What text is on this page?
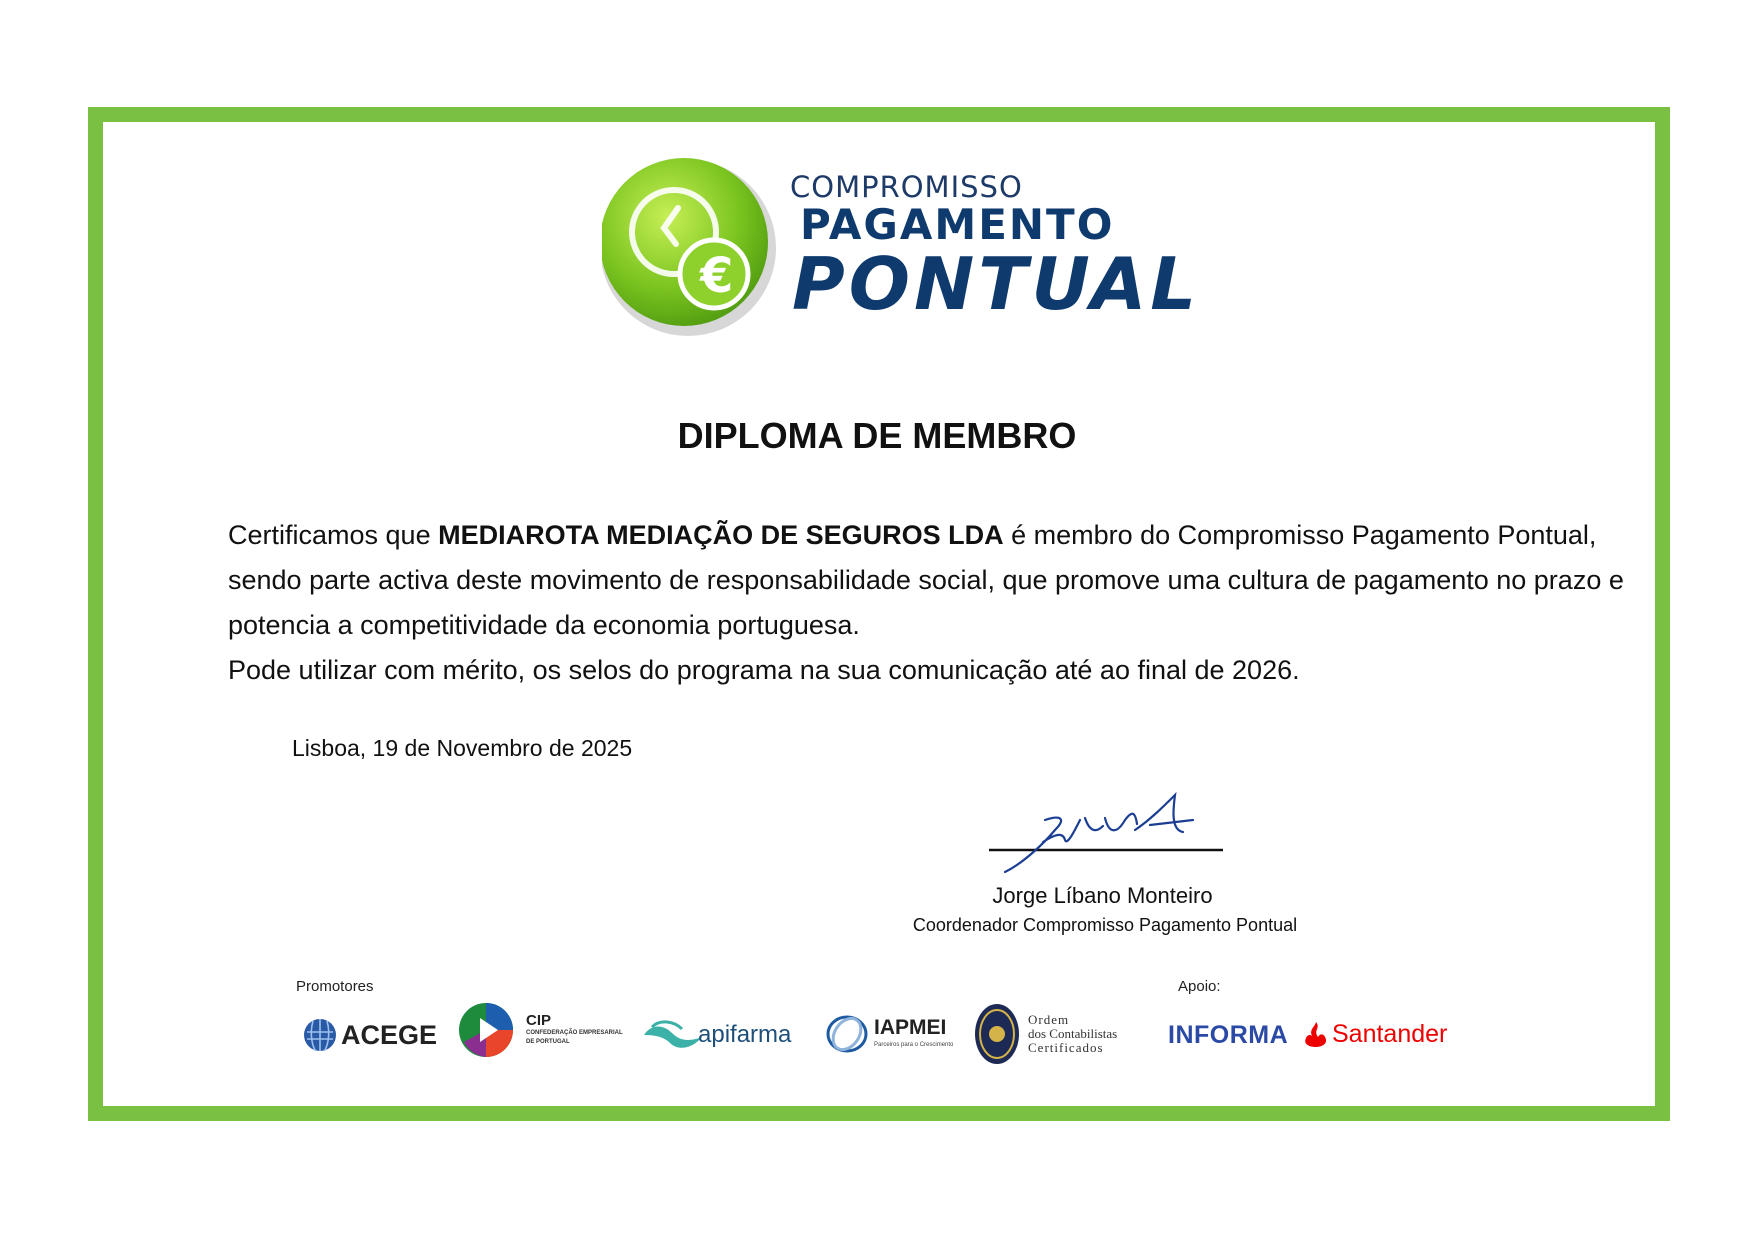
€
COMPROMISSO
PAGAMENTO
PONTUAL
DIPLOMA DE MEMBRO
Certificamos que MEDIAROTA MEDIAÇÃO DE SEGUROS LDA é membro do Compromisso Pagamento Pontual, sendo parte activa deste movimento de responsabilidade social, que promove uma cultura de pagamento no prazo e potencia a competitividade da economia portuguesa.
Pode utilizar com mérito, os selos do programa na sua comunicação até ao final de 2026.
Lisboa, 19 de Novembro de 2025
Jorge Líbano Monteiro
Coordenador Compromisso Pagamento Pontual
Promotores	Apoio:
ACEGE	CIP
CONFEDERAÇÃO EMPRESARIAL
DE PORTUGAL	apifarma	IAPMEI
Parceiros para o Crescimento
Ordem
dos Contabilistas
Certificados	INFORMA Santander
